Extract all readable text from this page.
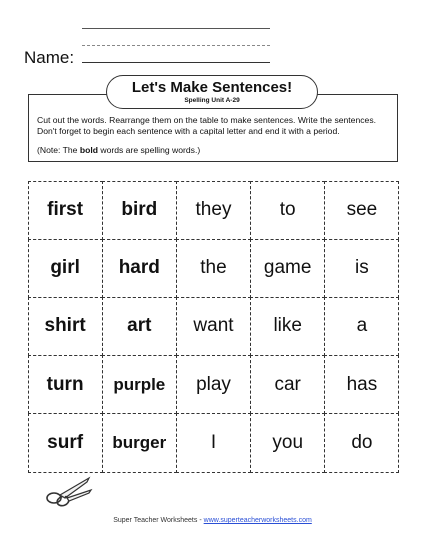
Name:
Cut out the words. Rearrange them on the table to make sentences. Write the sentences. Don't forget to begin each sentence with a capital letter and end it with a period.
(Note: The bold words are spelling words.)
Let's Make Sentences!
Spelling Unit A-29
first	bird	they	to	see
girl	hard	the	game	is
shirt	art	want	like	a
turn	purple	play	car	has
surf	burger	I	you	do
Super Teacher Worksheets - www.superteacherworksheets.com
